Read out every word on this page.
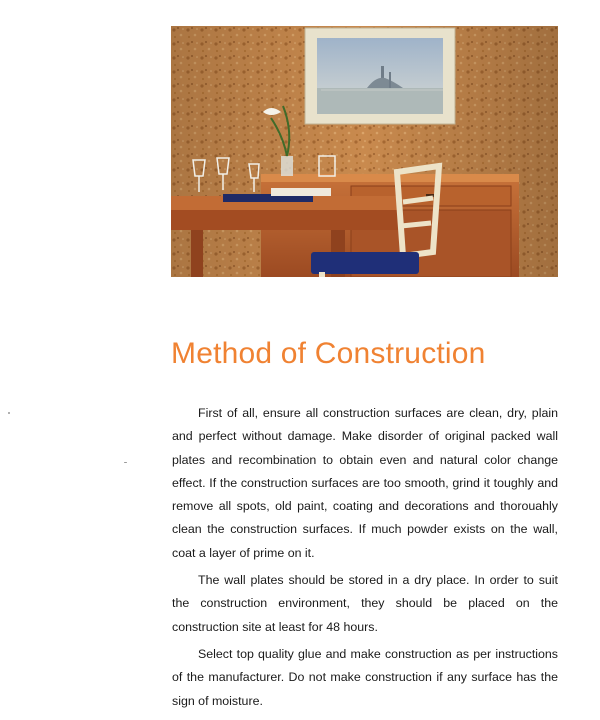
Method of Construction

First of all, ensure all construction surfaces are clean, dry, plain and perfect without damage. Make disorder of original packed wall plates and recombination to obtain even and natural color change effect. If the construction surfaces are too smooth, grind it toughly and remove all spots, old paint, coating and decorations and thorouahly clean the construction surfaces. If much powder exists on the wall, coat a layer of prime on it.

The wall plates should be stored in a dry place. In order to suit the construction environment, they should be placed on the construction site at least for 48 hours.

Select top quality glue and make construction as per instructions of the manufacturer. Do not make construction if any surface has the sign of moisture.
